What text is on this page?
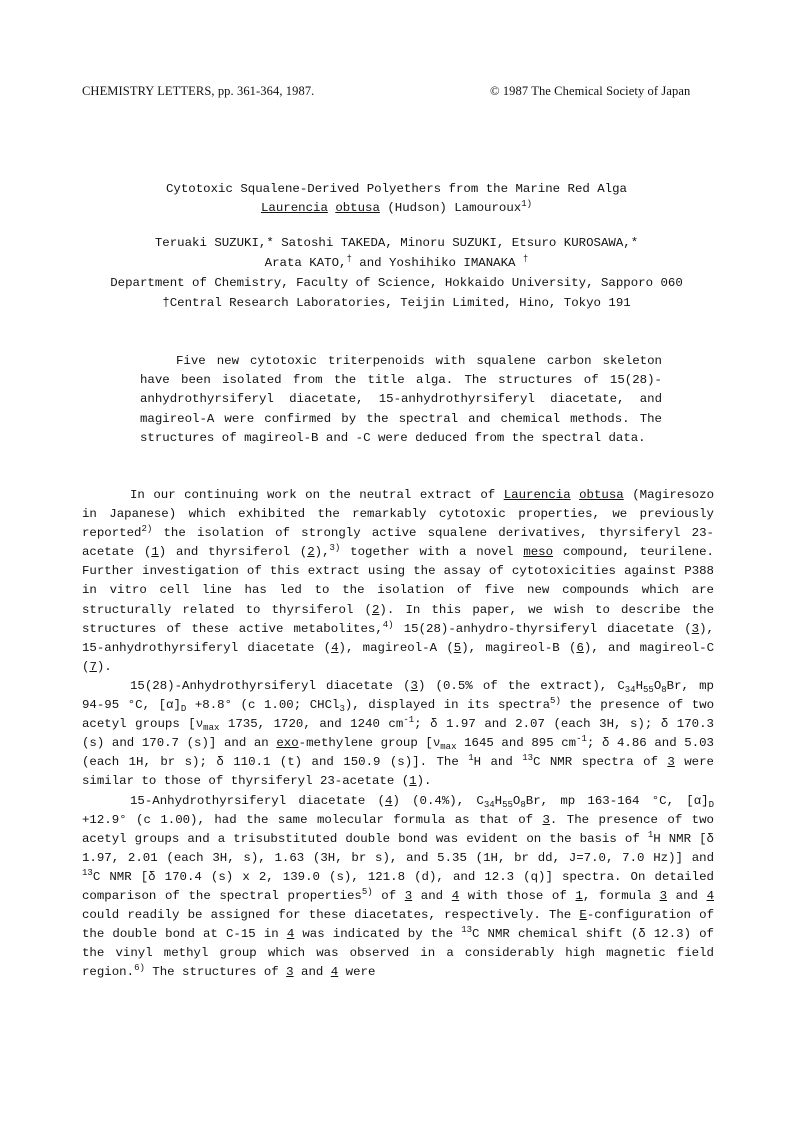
CHEMISTRY LETTERS, pp. 361-364, 1987.	© 1987 The Chemical Society of Japan
Cytotoxic Squalene-Derived Polyethers from the Marine Red Alga
Laurencia obtusa (Hudson) Lamouroux$^{1)}$
Teruaki SUZUKI,* Satoshi TAKEDA, Minoru SUZUKI, Etsuro KUROSAWA,*
Arata KATO,† and Yoshihiko IMANAKA †
Department of Chemistry, Faculty of Science, Hokkaido University, Sapporo 060
†Central Research Laboratories, Teijin Limited, Hino, Tokyo 191
Five new cytotoxic triterpenoids with squalene carbon skeleton have been isolated from the title alga. The structures of 15(28)-anhydrothyrsiferyl diacetate, 15-anhydrothyrsiferyl diacetate, and magireol-A were confirmed by the spectral and chemical methods. The structures of magireol-B and -C were deduced from the spectral data.

In our continuing work on the neutral extract of Laurencia obtusa (Magiresozo in Japanese) which exhibited the remarkably cytotoxic properties, we previously reported$^{2)}$ the isolation of strongly active squalene derivatives, thyrsiferyl 23-acetate (1) and thyrsiferol (2),$^{3)}$ together with a novel meso compound, teurilene. Further investigation of this extract using the assay of cytotoxicities against P388 in vitro cell line has led to the isolation of five new compounds which are structurally related to thyrsiferol (2). In this paper, we wish to describe the structures of these active metabolites,$^{4)}$ 15(28)-anhydro-thyrsiferyl diacetate (3), 15-anhydrothyrsiferyl diacetate (4), magireol-A (5), magireol-B (6), and magireol-C (7).

15(28)-Anhydrothyrsiferyl diacetate (3) (0.5% of the extract), $C_{34}H_{55}O_8Br$, mp 94-95 °C, $[\alpha]_D +8.8^\circ$ (c 1.00; CHCl$_3$), displayed in its spectra$^{5)}$ the presence of two acetyl groups [$\nu_{max}$ 1735, 1720, and 1240 $cm^{-1}$; δ 1.97 and 2.07 (each 3H, s); δ 170.3 (s) and 170.7 (s)] and an exo-methylene group [$\nu_{max}$ 1645 and 895 $cm^{-1}$; δ 4.86 and 5.03 (each 1H, br s); δ 110.1 (t) and 150.9 (s)]. The $^1$H and $^{13}$C NMR spectra of 3 were similar to those of thyrsiferyl 23-acetate (1).

15-Anhydrothyrsiferyl diacetate (4) (0.4%), $C_{34}H_{55}O_8Br$, mp 163-164 °C, $[\alpha]_D +12.9^\circ$ (c 1.00), had the same molecular formula as that of 3. The presence of two acetyl groups and a trisubstituted double bond was evident on the basis of $^1$H NMR [δ 1.97, 2.01 (each 3H, s), 1.63 (3H, br s), and 5.35 (1H, br dd, J=7.0, 7.0 Hz)] and $^{13}$C NMR [δ 170.4 (s) x 2, 139.0 (s), 121.8 (d), and 12.3 (q)] spectra. On detailed comparison of the spectral properties$^{5)}$ of 3 and 4 with those of 1, formula 3 and 4 could readily be assigned for these diacetates, respectively. The E-configuration of the double bond at C-15 in 4 was indicated by the $^{13}$C NMR chemical shift (δ 12.3) of the vinyl methyl group which was observed in a considerably high magnetic field region.$^{6)}$ The structures of 3 and 4 were
